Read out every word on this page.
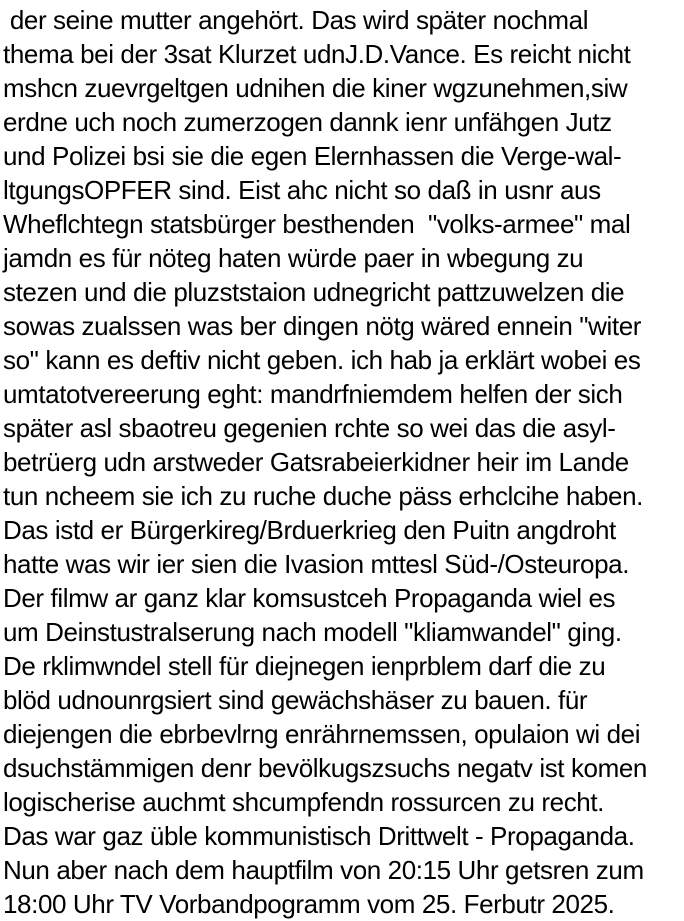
der seine mutter angehört. Das wird später nochmal
thema bei der 3sat Klurzet udnJ.D.Vance. Es reicht nicht
mshcn zuevrgeltgen udnihen die kiner wgzunehmen,siw
erdne uch noch zumerzogen dannk ienr unfähgen Jutz
und Polizei bsi sie die egen Elernhassen die Verge-wal-
ltgungsOPFER sind. Eist ahc nicht so daß in usnr aus
Wheflchtegn statsbürger besthenden  "volks-armee" mal
jamdn es für nöteg haten würde paer in wbegung zu
stezen und die pluzststaion udnegricht pattzuwelzen die
sowas zualssen was ber dingen nötg wäred ennein "witer
so" kann es deftiv nicht geben. ich hab ja erklärt wobei es
umtatotvereerung eght: mandrfniemdem helfen der sich
später asl sbaotreu gegenien rchte so wei das die asyl-
betrüerg udn arstweder Gatsrabeierkidner heir im Lande
tun ncheem sie ich zu ruche duche päss erhclcihe haben.
Das istd er Bürgerkireg/Brduerkrieg den Puitn angdroht
hatte was wir ier sien die Ivasion mttesl Süd-/Osteuropa.
Der filmw ar ganz klar komsustceh Propaganda wiel es
um Deinstustralserung nach modell "kliamwandel" ging.
De rklimwndel stell für diejnegen ienprblem darf die zu
blöd udnounrgsiert sind gewächshäser zu bauen. für
diejengen die ebrbevlrng enrährnemssen, opulaion wi dei
dsuchstämmigen denr bevölkugszsuchs negatv ist komen
logischerise auchmt shcumpfendn rossurcen zu recht.
Das war gaz üble kommunistisch Drittwelt - Propaganda.
Nun aber nach dem hauptfilm von 20:15 Uhr getsren zum
18:00 Uhr TV Vorbandpogramm vom 25. Ferbutr 2025.
